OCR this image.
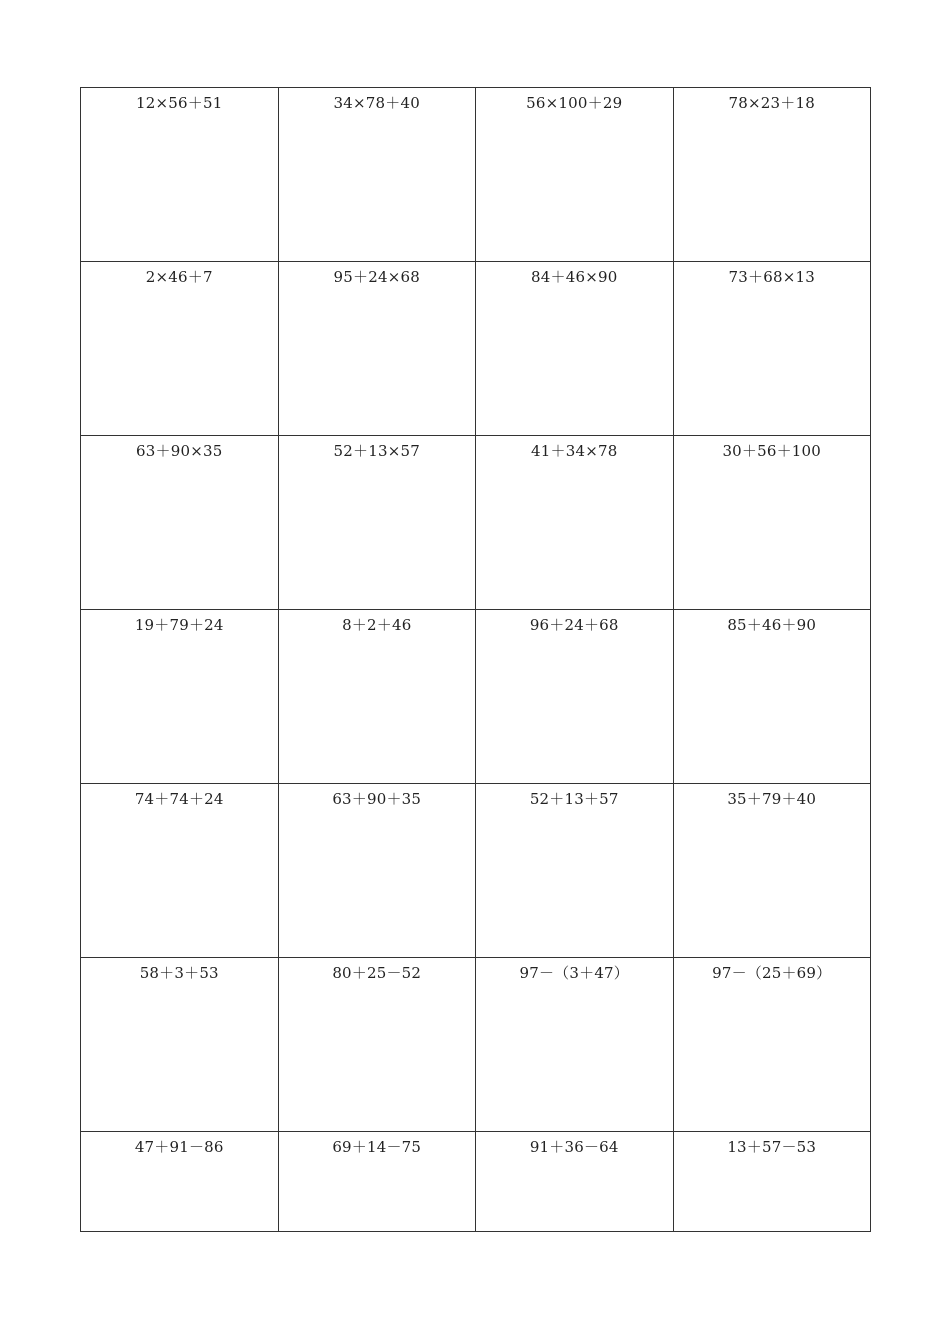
12×56＋51	34×78＋40	56×100＋29	78×23＋18

2×46＋7	95＋24×68	84＋46×90	73＋68×13

63＋90×35	52＋13×57	41＋34×78	30＋56＋100

19＋79＋24	8＋2＋46	96＋24＋68	85＋46＋90

74＋74＋24	63＋90＋35	52＋13＋57	35＋79＋40

58＋3＋53	80＋25－52	97－（3＋47）	97－（25＋69）

47＋91－86	69＋14－75	91＋36－64	13＋57－53
